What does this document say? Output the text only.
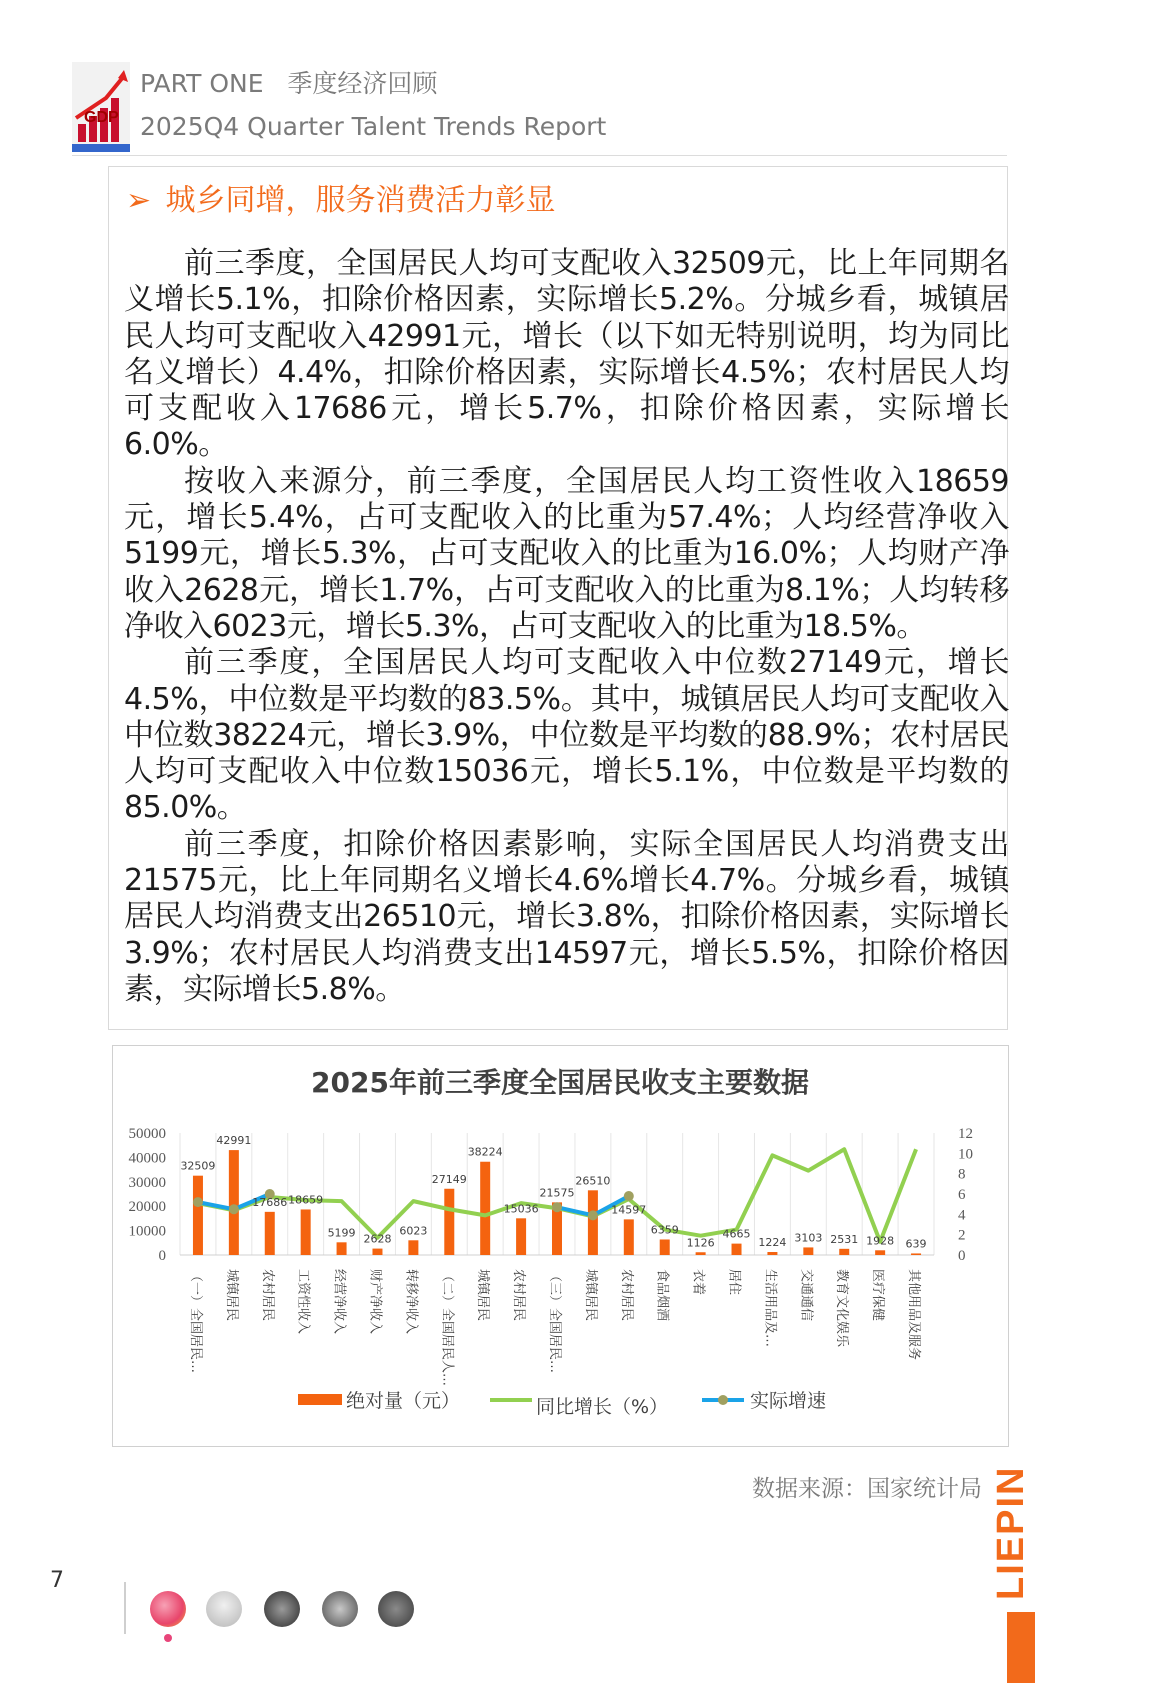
GDP
PART ONE 季度经济回顾
2025Q4 Quarter Talent Trends Report
➢ 城乡同增，服务消费活力彰显

前三季度，全国居民人均可支配收入32509元，比上年同期名义增长5.1%，扣除价格因素，实际增长5.2%。分城乡看，城镇居民人均可支配收入42991元，增长（以下如无特别说明，均为同比名义增长）4.4%，扣除价格因素，实际增长4.5%；农村居民人均可支配收入17686元，增长5.7%，扣除价格因素，实际增长6.0%。

按收入来源分，前三季度，全国居民人均工资性收入18659元，增长5.4%，占可支配收入的比重为57.4%；人均经营净收入5199元，增长5.3%，占可支配收入的比重为16.0%；人均财产净收入2628元，增长1.7%，占可支配收入的比重为8.1%；人均转移净收入6023元，增长5.3%，占可支配收入的比重为18.5%。

前三季度，全国居民人均可支配收入中位数27149元，增长4.5%，中位数是平均数的83.5%。其中，城镇居民人均可支配收入中位数38224元，增长3.9%，中位数是平均数的88.9%；农村居民人均可支配收入中位数15036元，增长5.1%，中位数是平均数的85.0%。

前三季度，扣除价格因素影响，实际全国居民人均消费支出21575元，比上年同期名义增长4.6%增长4.7%。分城乡看，城镇居民人均消费支出26510元，增长3.8%，扣除价格因素，实际增长3.9%；农村居民人均消费支出14597元，增长5.5%，扣除价格因素，实际增长5.8%。

2025年前三季度全国居民收支主要数据
0
10000
20000
30000
40000
50000
0
2
4
6
8
10
12
32509
42991
17686 18659
5199 2628
6023
27149
38224
15036
21575
26510
14597
6359
1126
4665
1224 3103 2531 1928 639
（一）全国居民… 城镇居民 农村居民 工资性收入 经营净收入 财产净收入 转移净收入 （二）全国居民人… 城镇居民 农村居民 （三）全国居民… 城镇居民 农村居民 食品烟酒 衣着 居住 生活用品及… 交通通信 教育文化娱乐 医疗保健 其他用品及服务
绝对量（元）	同比增长（%）	实际增速
数据来源：国家统计局
7	LIEPIN
